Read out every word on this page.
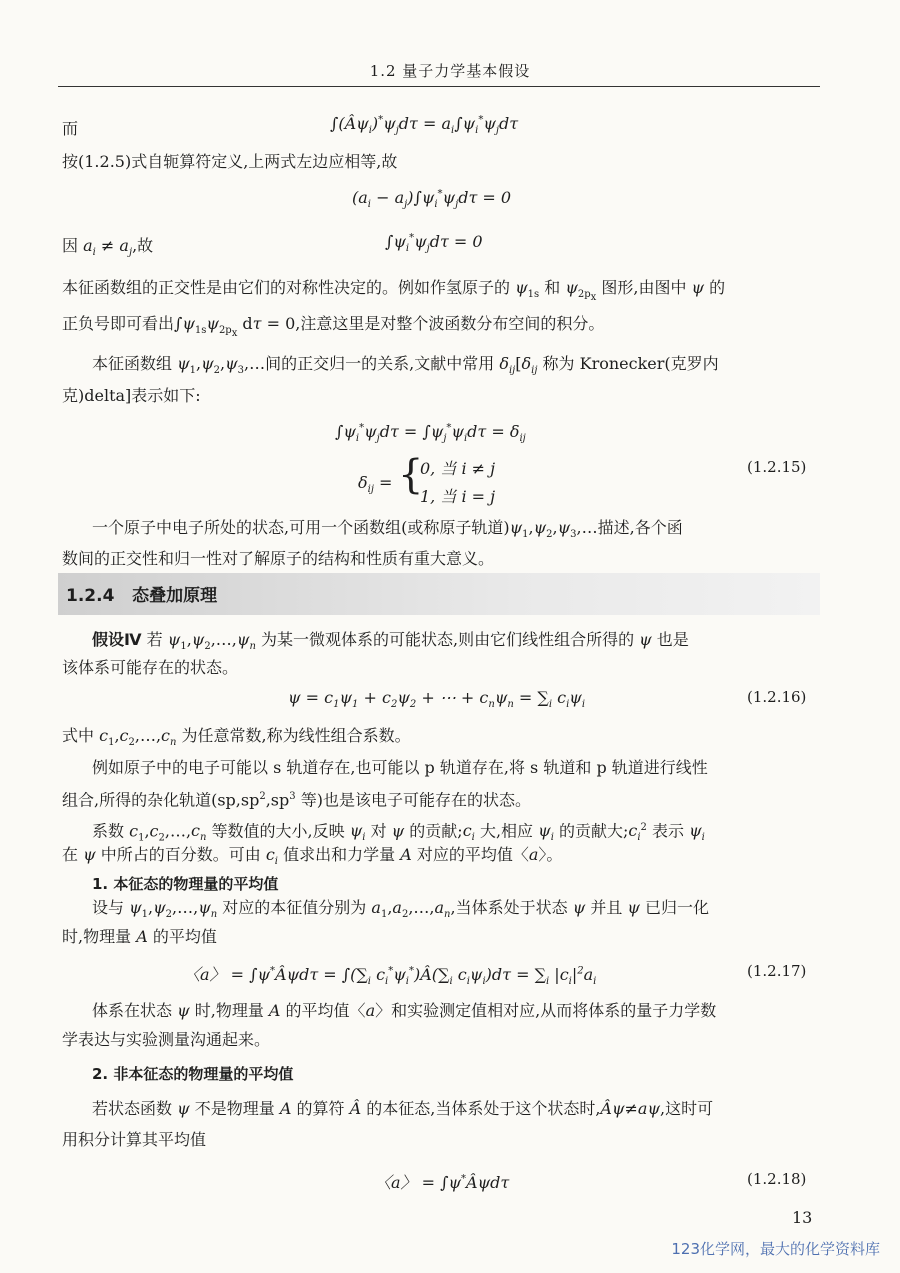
1.2 量子力学基本假设
而	$\int(Â\psi_i)^*\psi_jd\tau = a_i\int\psi_i^*\psi_jd\tau$
按(1.2.5)式自轭算符定义,上两式左边应相等,故
$(a_i - a_j)\int\psi_i^*\psi_jd\tau = 0$
因 $a_i \ne a_j$,故	$\int\psi_i^*\psi_jd\tau = 0$
本征函数组的正交性是由它们的对称性决定的。例如作氢原子的 $\psi_{1s}$ 和 $\psi_{2p_x}$ 图形,由图中 ψ 的
正负号即可看出$\int\psi_{1s}\psi_{2p_x}$ dτ = 0,注意这里是对整个波函数分布空间的积分。
本征函数组 $\psi_1,\psi_2,\psi_3,\dots$间的正交归一的关系,文献中常用 $\delta_{ij}[\delta_{ij}$ 称为 Kronecker(克罗内
克)delta]表示如下:
$\int\psi_i^*\psi_jd\tau = \int\psi_j^*\psi_id\tau = \delta_{ij}$
$\delta_{ij}$ = {
0, 当 i ≠ j
1, 当 i = j
(1.2.15)
一个原子中电子所处的状态,可用一个函数组(或称原子轨道)$\psi_1,\psi_2,\psi_3,\dots$描述,各个函
数间的正交性和归一性对了解原子的结构和性质有重大意义。
1.2.4 态叠加原理
假设Ⅳ 若 $\psi_1,\psi_2,\dots,\psi_n$ 为某一微观体系的可能状态,则由它们线性组合所得的 ψ 也是
该体系可能存在的状态。
$\psi = c_1\psi_1 + c_2\psi_2$ + ⋯ + $c_n\psi_n = \sum_i$ $c_i\psi_i$	(1.2.16)
式中 $c_1,c_2,\dots,c_n$ 为任意常数,称为线性组合系数。
例如原子中的电子可能以 s 轨道存在,也可能以 p 轨道存在,将 s 轨道和 p 轨道进行线性
组合,所得的杂化轨道($sp,sp^2,sp^3$ 等)也是该电子可能存在的状态。
系数 $c_1,c_2,\dots,c_n$ 等数值的大小,反映 $\psi_i$ 对 ψ 的贡献$;c_i$ 大,相应 $\psi_i$ 的贡献大$;c_i^2$ 表示 $\psi_i$
在 ψ 中所占的百分数。可由 $c_i$ 值求出和力学量 A 对应的平均值〈a〉。
1. 本征态的物理量的平均值
设与 $\psi_1,\psi_2,\dots,\psi_n$ 对应的本征值分别为 $a_1,a_2,\dots,a_n$,当体系处于状态 ψ 并且 ψ 已归一化
时,物理量 A 的平均值
〈a〉 = ∫ψ*Âψdτ = $\int(\sum_i$ $c_i^*\psi_i^*)Â(\sum_i$ $c_i\psi_i)d\tau = \sum_i$ $|c_i|^2a_i$
(1.2.17)
体系在状态 ψ 时,物理量 A 的平均值〈a〉和实验测定值相对应,从而将体系的量子力学数
学表达与实验测量沟通起来。
2. 非本征态的物理量的平均值
若状态函数 ψ 不是物理量 A 的算符 Â 的本征态,当体系处于这个状态时,Âψ≠aψ,这时可
用积分计算其平均值
〈a〉 = ∫ψ*Âψdτ	(1.2.18)
13
123化学网，最大的化学资料库
